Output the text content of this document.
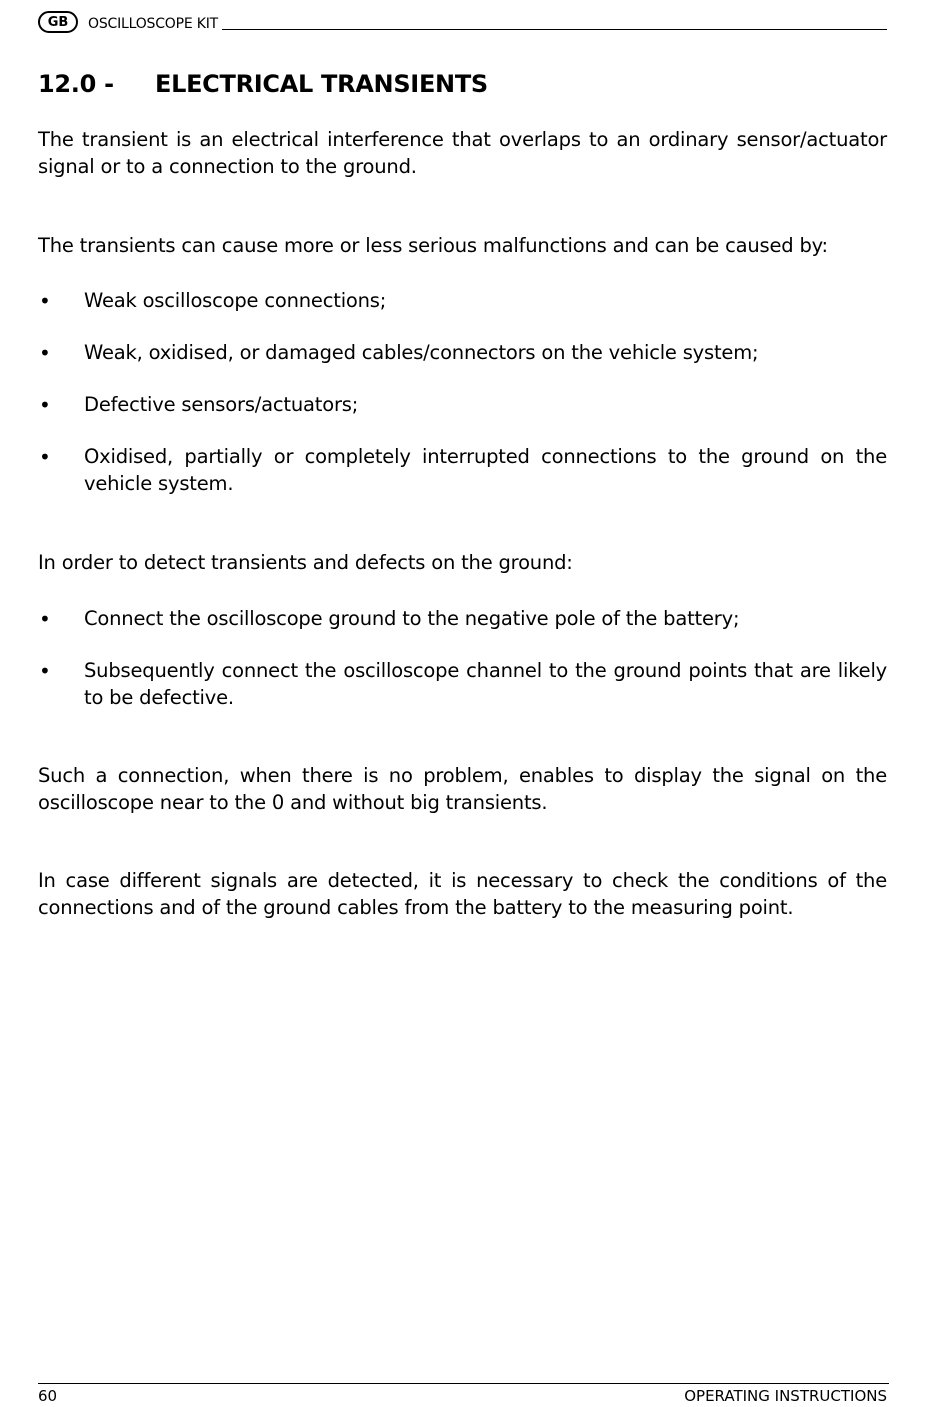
GB	OSCILLOSCOPE KIT
12.0 -	ELECTRICAL TRANSIENTS
The transient is an electrical interference that overlaps to an ordinary sensor/actuator signal or to a connection to the ground.
The transients can cause more or less serious malfunctions and can be caused by:
•	Weak oscilloscope connections;
•	Weak, oxidised, or damaged cables/connectors on the vehicle system;
•	Defective sensors/actuators;
•	Oxidised, partially or completely interrupted connections to the ground on the vehicle system.
In order to detect transients and defects on the ground:
•	Connect the oscilloscope ground to the negative pole of the battery;
•	Subsequently connect the oscilloscope channel to the ground points that are likely to be defective.
Such a connection, when there is no problem, enables to display the signal on the oscilloscope near to the 0 and without big transients.
In case different signals are detected, it is necessary to check the conditions of the connections and of the ground cables from the battery to the measuring point.
60	OPERATING INSTRUCTIONS
